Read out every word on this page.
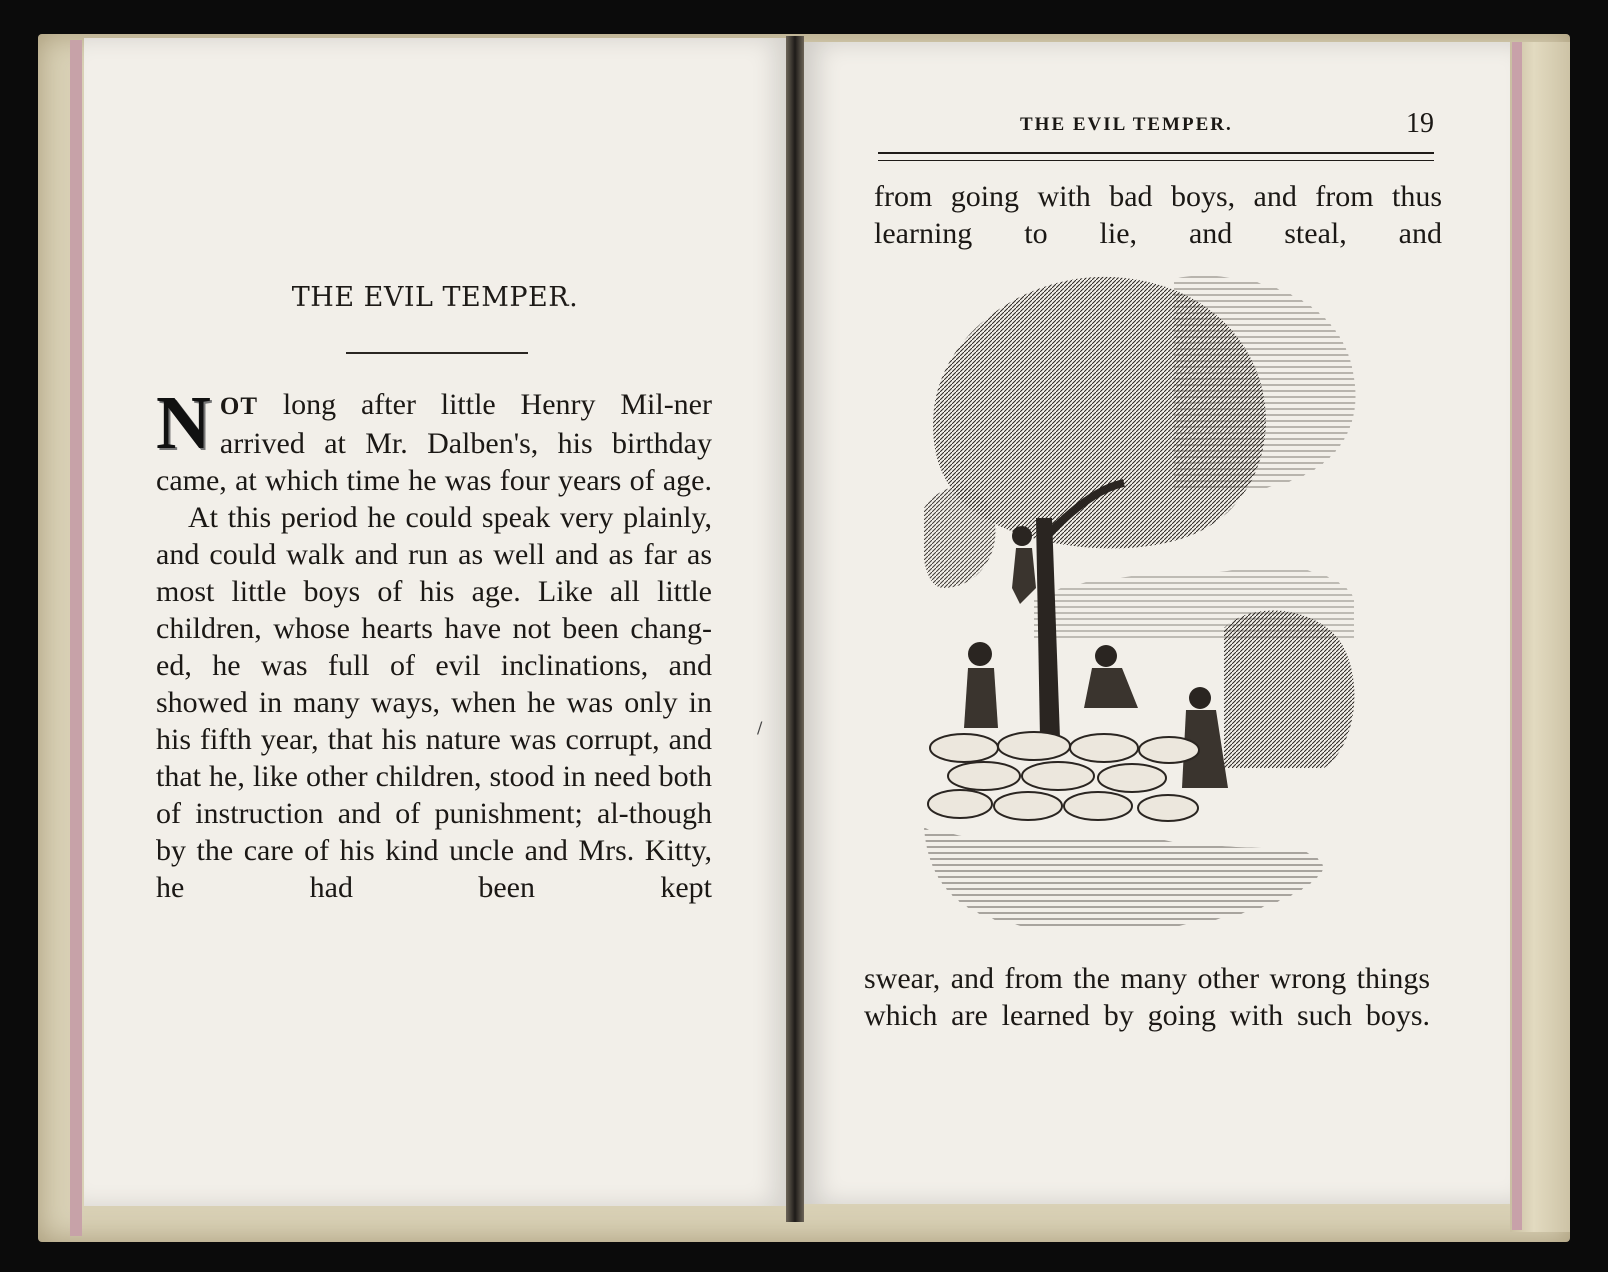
THE EVIL TEMPER.
N OT long after little Henry Mil-ner arrived at Mr. Dalben's, his birthday came, at which time he was four years of age.
At this period he could speak very plainly, and could walk and run as well and as far as most little boys of his age. Like all little children, whose hearts have not been chang-ed, he was full of evil inclinations, and showed in many ways, when he was only in his fifth year, that his nature was corrupt, and that he, like other children, stood in need both of instruction and of punishment; al-though by the care of his kind uncle and Mrs. Kitty, he had been kept
THE EVIL TEMPER.	19
from going with bad boys, and from thus learning to lie, and steal, and
swear, and from the many other wrong things which are learned by going with such boys.
/
